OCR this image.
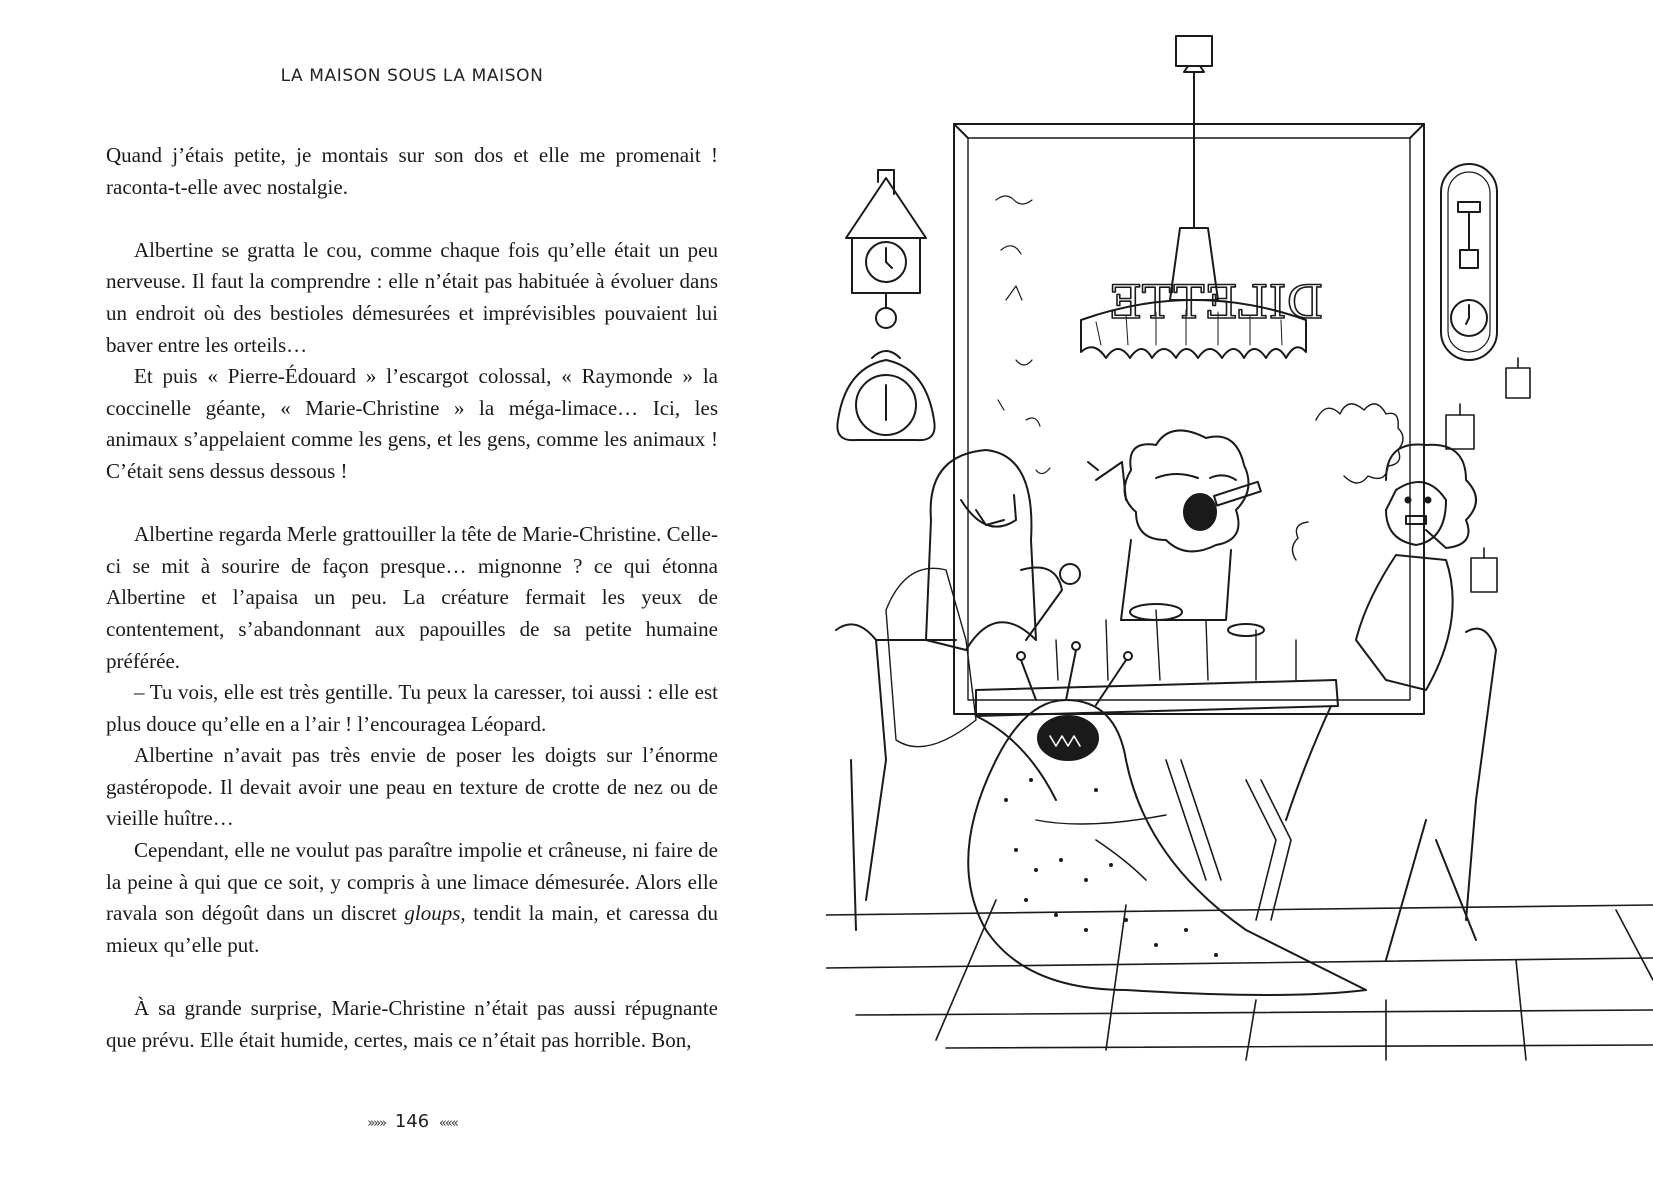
LA MAISON SOUS LA MAISON

Quand j’étais petite, je montais sur son dos et elle me promenait ! raconta-t-elle avec nostalgie.

Albertine se gratta le cou, comme chaque fois qu’elle était un peu nerveuse. Il faut la comprendre : elle n’était pas habituée à évoluer dans un endroit où des bestioles démesurées et imprévisibles pouvaient lui baver entre les orteils…

Et puis « Pierre-Édouard » l’escargot colossal, « Raymonde » la coccinelle géante, « Marie-Christine » la méga-limace… Ici, les animaux s’appelaient comme les gens, et les gens, comme les animaux ! C’était sens dessus dessous !

Albertine regarda Merle grattouiller la tête de Marie-Christine. Celle-ci se mit à sourire de façon presque… mignonne ? ce qui étonna Albertine et l’apaisa un peu. La créature fermait les yeux de contentement, s’abandonnant aux papouilles de sa petite humaine préférée.

– Tu vois, elle est très gentille. Tu peux la caresser, toi aussi : elle est plus douce qu’elle en a l’air ! l’encouragea Léopard.

Albertine n’avait pas très envie de poser les doigts sur l’énorme gastéropode. Il devait avoir une peau en texture de crotte de nez ou de vieille huître…

Cependant, elle ne voulut pas paraître impolie et crâneuse, ni faire de la peine à qui que ce soit, y compris à une limace démesurée. Alors elle ravala son dégoût dans un discret gloups, tendit la main, et caressa du mieux qu’elle put.

À sa grande surprise, Marie-Christine n’était pas aussi répugnante que prévu. Elle était humide, certes, mais ce n’était pas horrible. Bon,

»»» 146 «««
DILETTE
